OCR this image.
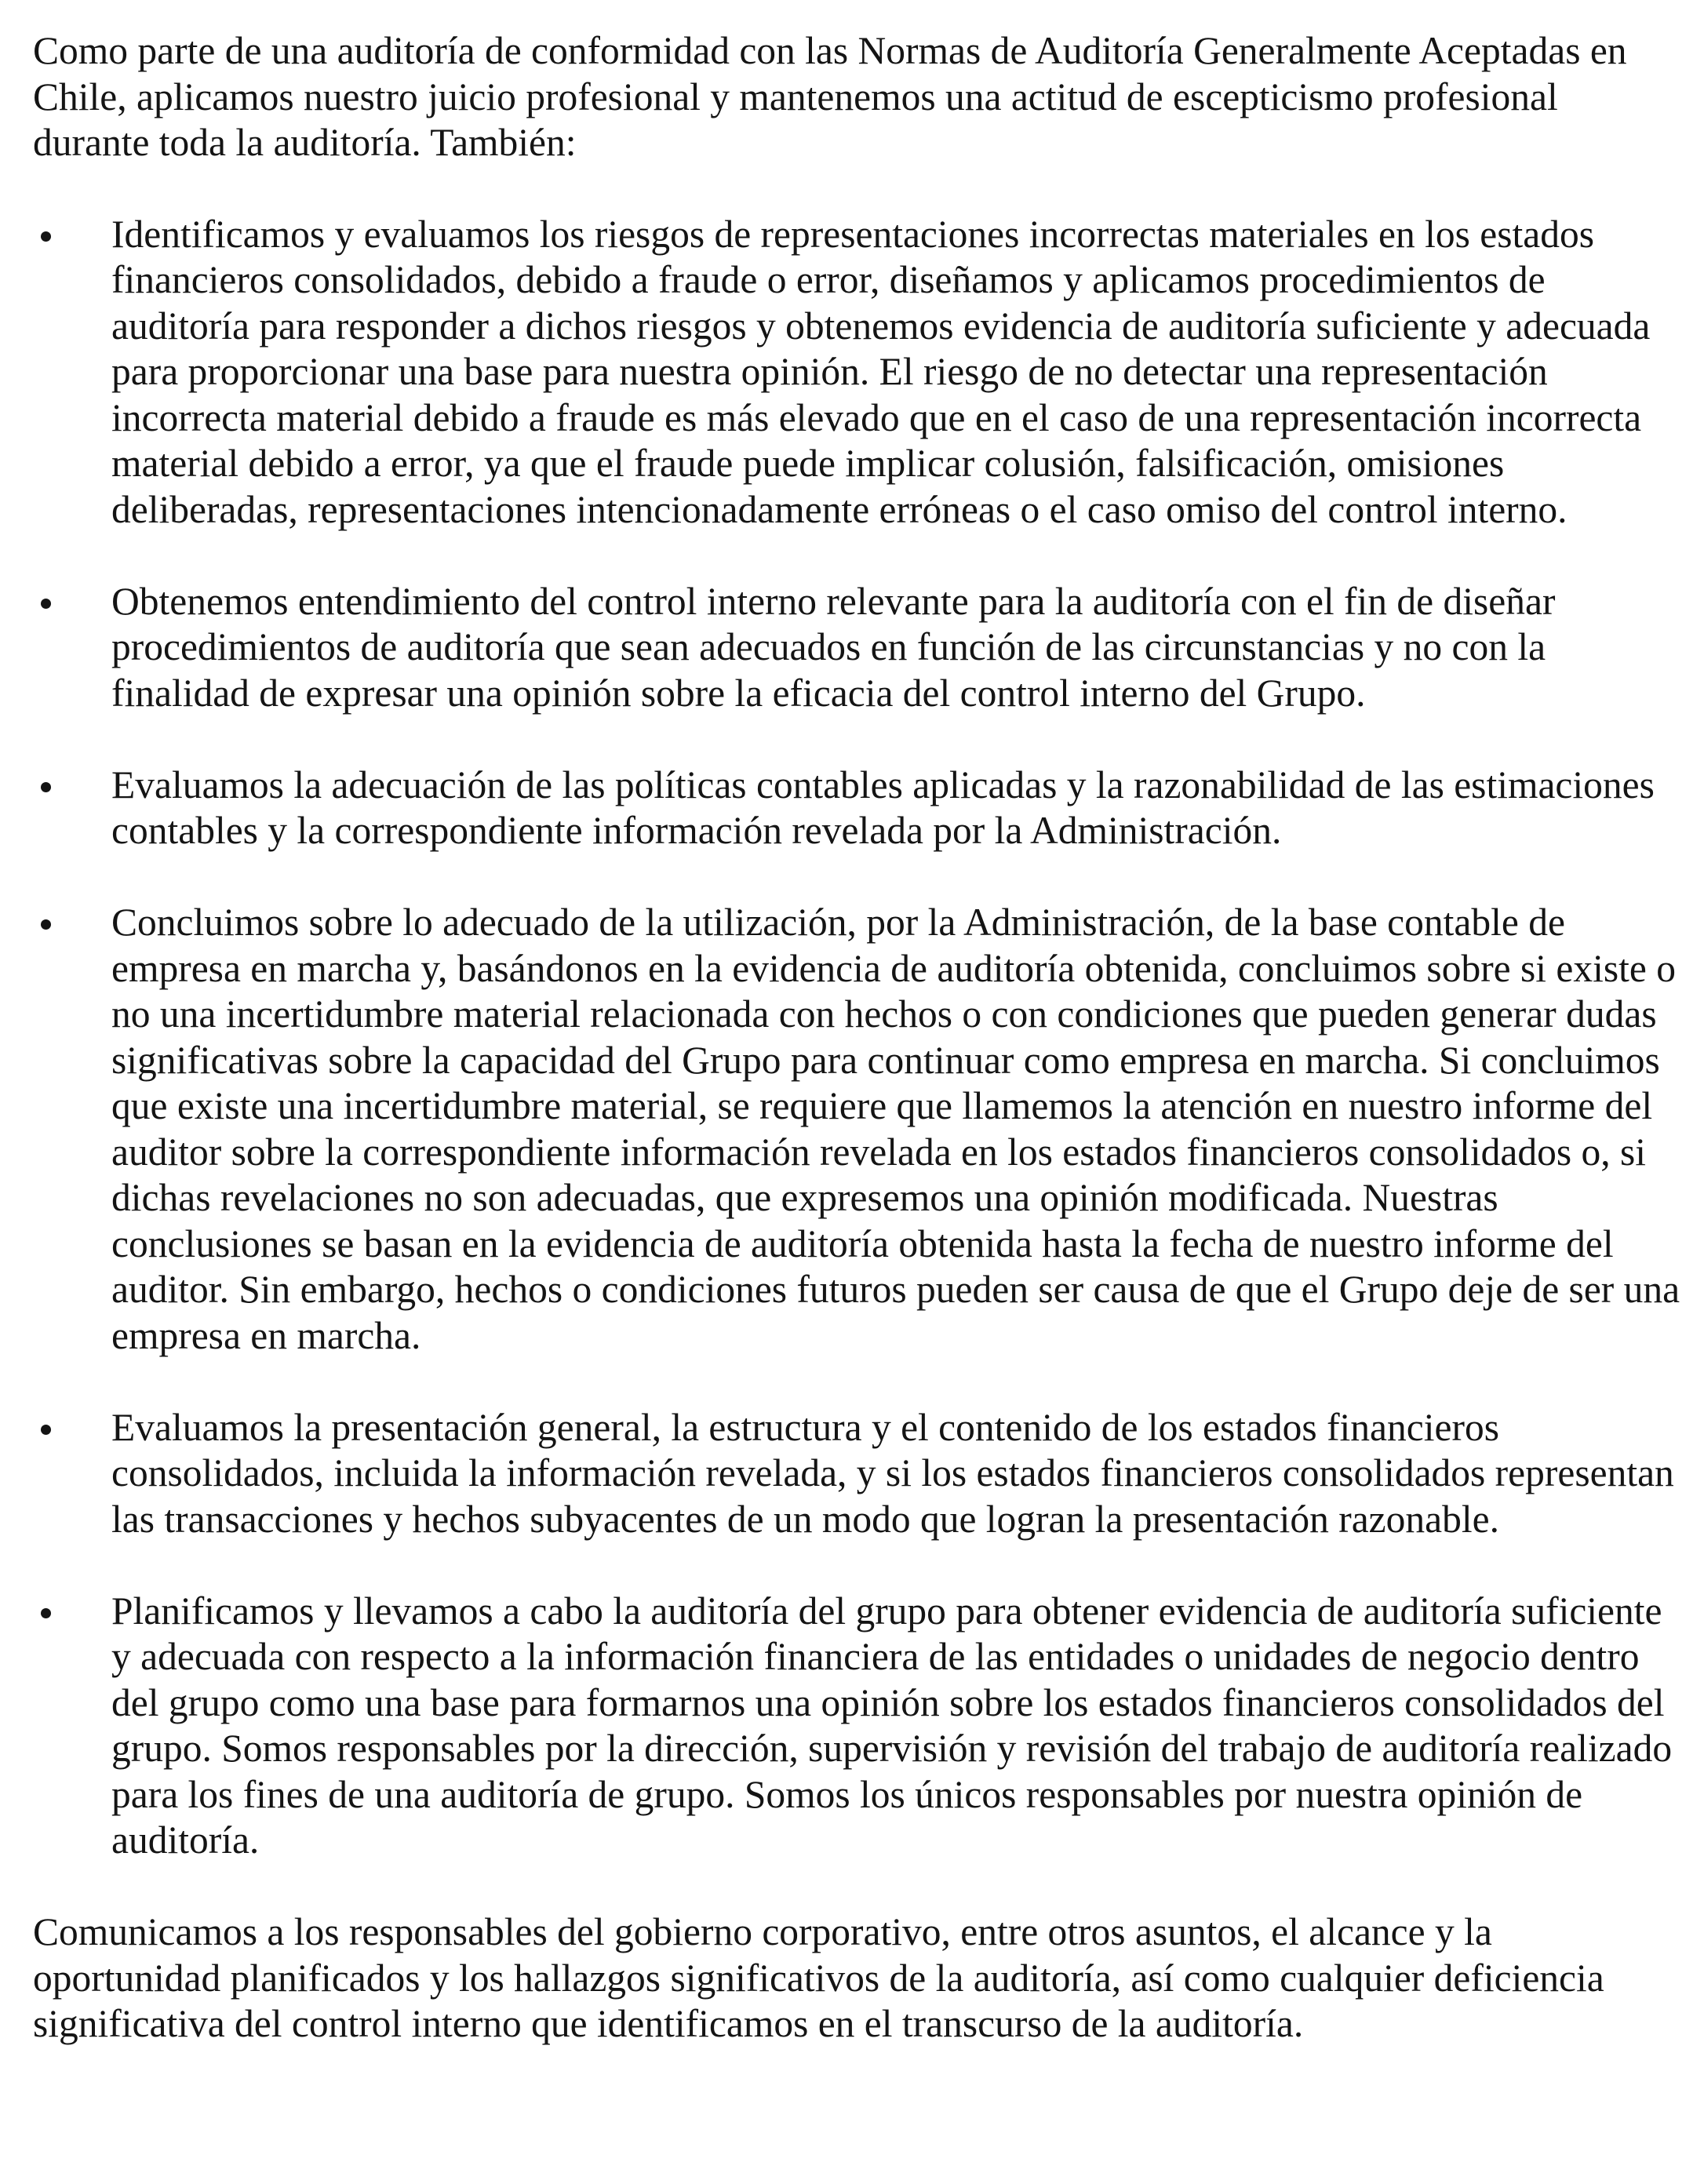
Como parte de una auditoría de conformidad con las Normas de Auditoría Generalmente Aceptadas en Chile, aplicamos nuestro juicio profesional y mantenemos una actitud de escepticismo profesional durante toda la auditoría. También:

Identificamos y evaluamos los riesgos de representaciones incorrectas materiales en los estados financieros consolidados, debido a fraude o error, diseñamos y aplicamos procedimientos de auditoría para responder a dichos riesgos y obtenemos evidencia de auditoría suficiente y adecuada para proporcionar una base para nuestra opinión. El riesgo de no detectar una representación incorrecta material debido a fraude es más elevado que en el caso de una representación incorrecta material debido a error, ya que el fraude puede implicar colusión, falsificación, omisiones deliberadas, representaciones intencionadamente erróneas o el caso omiso del control interno.
Obtenemos entendimiento del control interno relevante para la auditoría con el fin de diseñar procedimientos de auditoría que sean adecuados en función de las circunstancias y no con la finalidad de expresar una opinión sobre la eficacia del control interno del Grupo.
Evaluamos la adecuación de las políticas contables aplicadas y la razonabilidad de las estimaciones contables y la correspondiente información revelada por la Administración.
Concluimos sobre lo adecuado de la utilización, por la Administración, de la base contable de empresa en marcha y, basándonos en la evidencia de auditoría obtenida, concluimos sobre si existe o no una incertidumbre material relacionada con hechos o con condiciones que pueden generar dudas significativas sobre la capacidad del Grupo para continuar como empresa en marcha. Si concluimos que existe una incertidumbre material, se requiere que llamemos la atención en nuestro informe del auditor sobre la correspondiente información revelada en los estados financieros consolidados o, si dichas revelaciones no son adecuadas, que expresemos una opinión modificada. Nuestras conclusiones se basan en la evidencia de auditoría obtenida hasta la fecha de nuestro informe del auditor. Sin embargo, hechos o condiciones futuros pueden ser causa de que el Grupo deje de ser una empresa en marcha.
Evaluamos la presentación general, la estructura y el contenido de los estados financieros consolidados, incluida la información revelada, y si los estados financieros consolidados representan las transacciones y hechos subyacentes de un modo que logran la presentación razonable.
Planificamos y llevamos a cabo la auditoría del grupo para obtener evidencia de auditoría suficiente y adecuada con respecto a la información financiera de las entidades o unidades de negocio dentro del grupo como una base para formarnos una opinión sobre los estados financieros consolidados del grupo. Somos responsables por la dirección, supervisión y revisión del trabajo de auditoría realizado para los fines de una auditoría de grupo. Somos los únicos responsables por nuestra opinión de auditoría.

Comunicamos a los responsables del gobierno corporativo, entre otros asuntos, el alcance y la oportunidad planificados y los hallazgos significativos de la auditoría, así como cualquier deficiencia significativa del control interno que identificamos en el transcurso de la auditoría.
